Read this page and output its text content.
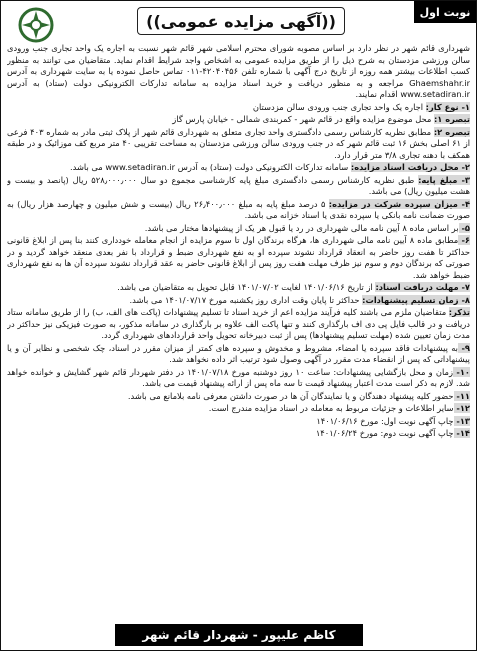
((آگهی مزایده عمومی))	نوبت اول

شهرداری قائم شهر در نظر دارد بر اساس مصوبه شورای محترم اسلامی شهر قائم شهر نسبت به اجاره یک واحد تجاری جنب ورودی سالن ورزشی مزدستان به شرح ذیل را از طریق مزایده عمومی به اشخاص واجد شرایط اقدام نماید. متقاضیان می توانند به منظور کسب اطلاعات بیشتر همه روزه از تاریخ درج آگهی با شماره تلفن ۴۲۰۴۰۴۵۶-۰۱۱ تماس حاصل نموده یا به سایت شهرداری به آدرس Ghaemshahr.ir مراجعه و به منظور دریافت و خرید اسناد مزایده به سامانه تدارکات الکترونیکی دولت (ستاد) به آدرس www.setadiran.ir اقدام نمایند.

۱- نوع کار: اجاره یک واحد تجاری جنب ورودی سالن مزدستان

تبصره ۱: محل موضوع مزایده واقع در قائم شهر - کمربندی شمالی - خیابان پارس گاز

تبصره ۲: مطابق نظریه کارشناس رسمی دادگستری واحد تجاری متعلق به شهرداری قائم شهر از پلاک ثبتی مادر به شماره ۴۰۳ فرعی از ۶۱ اصلی بخش ۱۶ ثبت قائم شهر که در جنب ورودی سالن ورزشی مزدستان به مساحت تقریبی ۴۰ متر مربع کف موزائیک و در طبقه همکف با دهنه تجاری ۳/۸ متر قرار دارد.

۲- محل دریافت اسناد مزایده: سامانه تدارکات الکترونیکی دولت (ستاد) به آدرس www.setadiran.ir می باشد.

۳- مبلغ پایه: طبق نظریه کارشناس رسمی دادگستری مبلغ پایه کارشناسی مجموع دو سال ۵۲۸٫۰۰۰٫۰۰۰ ریال (پانصد و بیست و هشت میلیون ریال) می باشد.

۴- میزان سپرده شرکت در مزایده: ۵ درصد مبلغ پایه به مبلغ ۲۶٫۴۰۰٫۰۰۰ ریال (بیست و شش میلیون و چهارصد هزار ریال) به صورت ضمانت نامه بانکی یا سپرده نقدی یا اسناد خزانه می باشد.

۵- بر اساس ماده ۸ آیین نامه مالی شهرداری در رد یا قبول هر یک از پیشنهادها مختار می باشد.

۶- مطابق ماده ۸ آیین نامه مالی شهرداری ها، هرگاه برندگان اول تا سوم مزایده از انجام معامله خودداری کنند بنا پس از ابلاغ قانونی حداکثر تا هفت روز حاضر به انعقاد قرارداد نشوند سپرده او به نفع شهرداری ضبط و قرارداد با نفر بعدی منعقد خواهد گردید و در صورتی که برندگان دوم و سوم نیز ظرف مهلت هفت روز پس از ابلاغ قانونی حاضر به عقد قرارداد نشوند سپرده آن ها به نفع شهرداری ضبط خواهد شد.

۷- مهلت دریافت اسناد: از تاریخ ۱۴۰۱/۰۶/۱۶ لغایت ۱۴۰۱/۰۷/۰۲ قابل تحویل به متقاضیان می باشد.

۸- زمان تسلیم پیشنهادات: حداکثر تا پایان وقت اداری روز یکشنبه مورخ ۱۴۰۱/۰۷/۱۷ می باشد.

تذکر: متقاضیان ملزم می باشند کلیه فرآیند مزایده اعم از خرید اسناد تا تسلیم پیشنهادات (پاکت های الف، ب) را از طریق سامانه ستاد دریافت و در قالب فایل پی دی اف بارگذاری کنند و تنها پاکت الف علاوه بر بارگذاری در سامانه مذکور، به صورت فیزیکی نیز حداکثر در مدت زمان تعیین شده (مهلت تسلیم پیشنهادها) پس از ثبت دبیرخانه تحویل واحد قراردادهای شهرداری گردد.

۹- به پیشنهادات فاقد سپرده یا امضاء، مشروط و مخدوش و سپرده های کمتر از میزان مقرر در اسناد، چک شخصی و نظایر آن و یا پیشنهاداتی که پس از انقضاء مدت مقرر در آگهی وصول شود ترتیب اثر داده نخواهد شد.

۱۰- زمان و محل بازگشایی پیشنهادات: ساعت ۱۰ روز دوشنبه مورخ ۱۴۰۱/۰۷/۱۸ در دفتر شهردار قائم شهر گشایش و خوانده خواهد شد. لازم به ذکر است مدت اعتبار پیشنهاد قیمت تا سه ماه پس از ارائه پیشنهاد قیمت می باشد.

۱۱- حضور کلیه پیشنهاد دهندگان و یا نمایندگان آن ها در صورت داشتن معرفی نامه بلامانع می باشد.

۱۲- سایر اطلاعات و جزئیات مربوط به معامله در اسناد مزایده مندرج است.

۱۳- چاپ آگهی نوبت اول: مورخ ۱۴۰۱/۰۶/۱۶

۱۴- چاپ آگهی نوبت دوم: مورخ ۱۴۰۱/۰۶/۲۴

کاظم علیپور - شهردار قائم شهر
